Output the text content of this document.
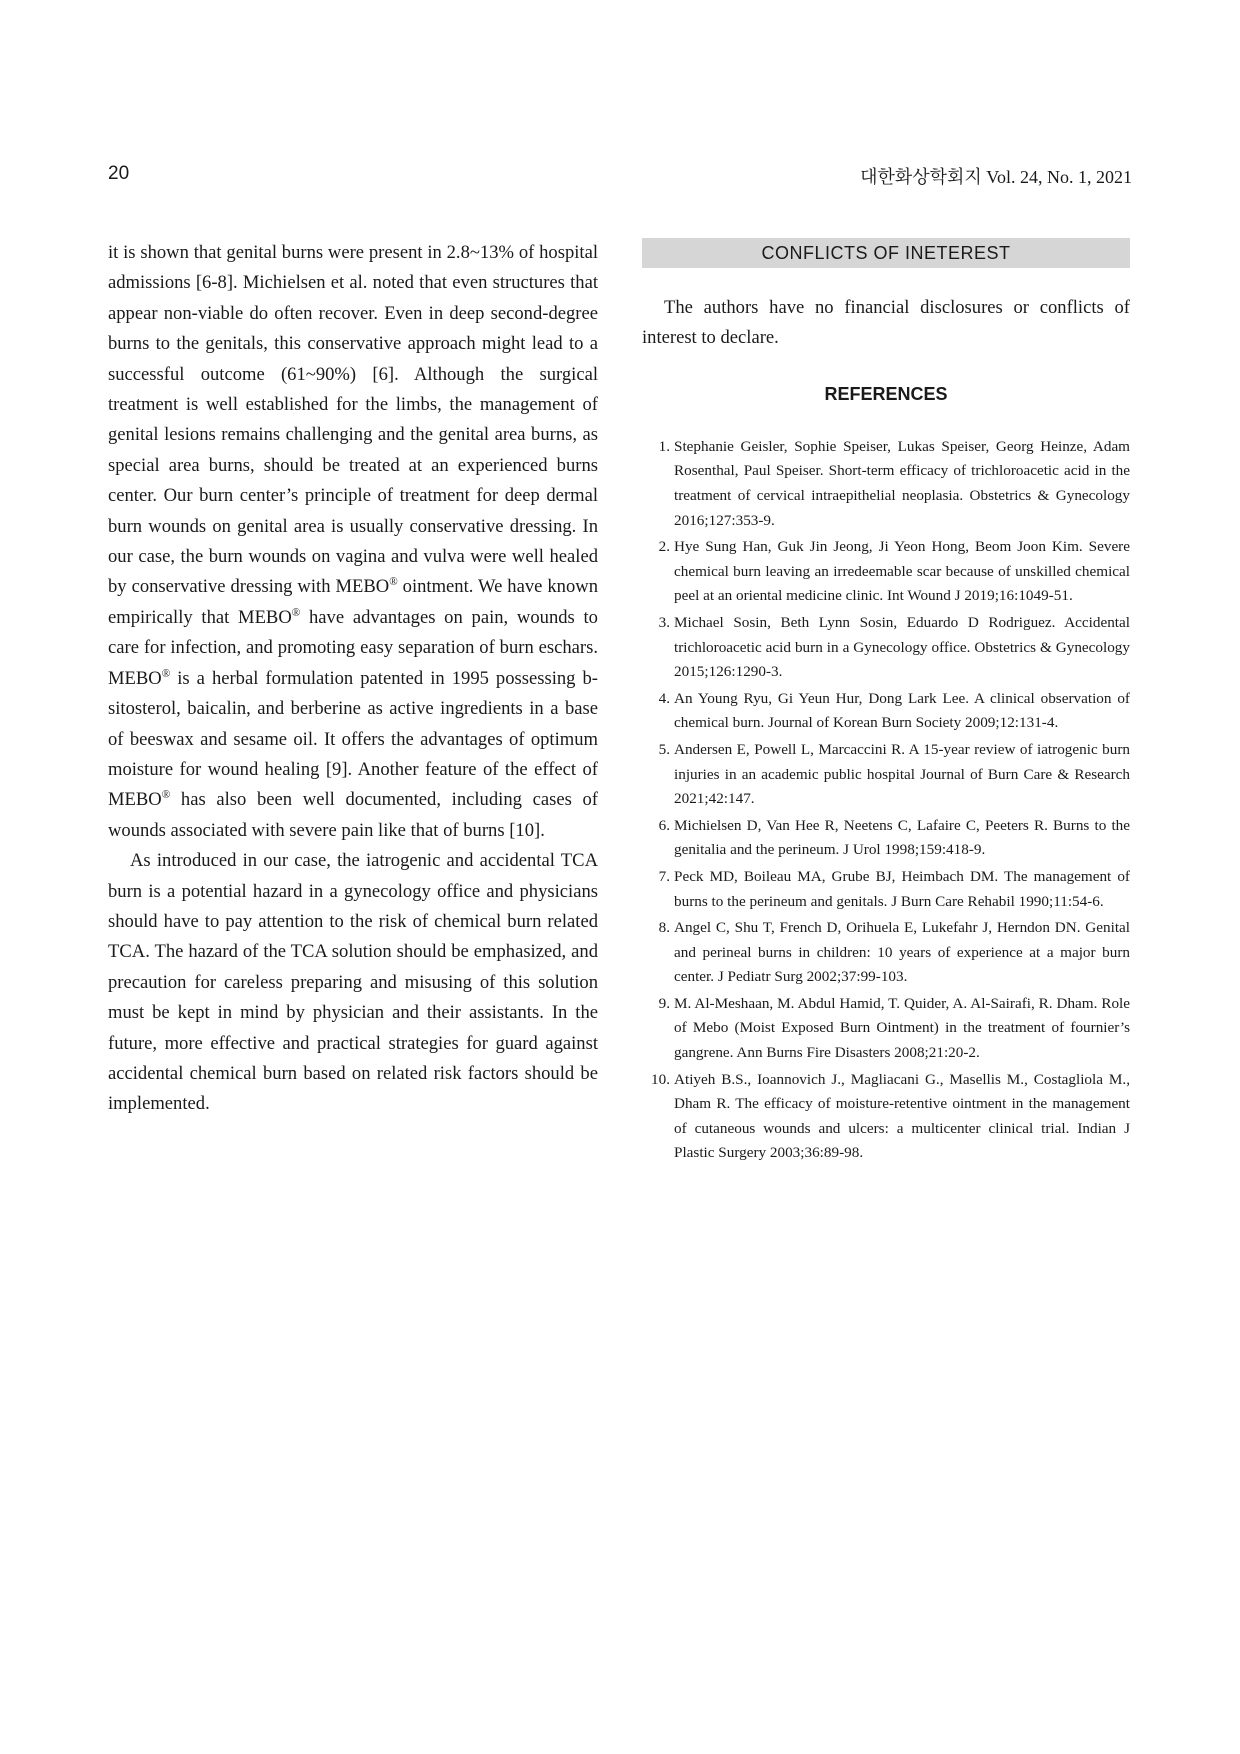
20	대한화상학회지 Vol. 24, No. 1, 2021

it is shown that genital burns were present in 2.8~13% of hospital admissions [6-8]. Michielsen et al. noted that even structures that appear non-viable do often recover. Even in deep second-degree burns to the genitals, this conservative approach might lead to a successful outcome (61~90%) [6]. Although the surgical treatment is well established for the limbs, the management of genital lesions remains challenging and the genital area burns, as special area burns, should be treated at an experienced burns center. Our burn center’s principle of treatment for deep dermal burn wounds on genital area is usually conservative dressing. In our case, the burn wounds on vagina and vulva were well healed by conservative dressing with MEBO® ointment. We have known empirically that MEBO® have advantages on pain, wounds to care for infection, and promoting easy separation of burn eschars. MEBO® is a herbal formulation patented in 1995 possessing b-sitosterol, baicalin, and berberine as active ingredients in a base of beeswax and sesame oil. It offers the advantages of optimum moisture for wound healing [9]. Another feature of the effect of MEBO® has also been well documented, including cases of wounds associated with severe pain like that of burns [10].

As introduced in our case, the iatrogenic and accidental TCA burn is a potential hazard in a gynecology office and physicians should have to pay attention to the risk of chemical burn related TCA. The hazard of the TCA solution should be emphasized, and precaution for careless preparing and misusing of this solution must be kept in mind by physician and their assistants. In the future, more effective and practical strategies for guard against accidental chemical burn based on related risk factors should be implemented.

CONFLICTS OF INETEREST
The authors have no financial disclosures or conflicts of interest to declare.
REFERENCES
1. Stephanie Geisler, Sophie Speiser, Lukas Speiser, Georg Heinze, Adam Rosenthal, Paul Speiser. Short-term efficacy of trichloroacetic acid in the treatment of cervical intraepithelial neoplasia. Obstetrics & Gynecology 2016;127:353-9.
2. Hye Sung Han, Guk Jin Jeong, Ji Yeon Hong, Beom Joon Kim. Severe chemical burn leaving an irredeemable scar because of unskilled chemical peel at an oriental medicine clinic. Int Wound J 2019;16:1049-51.
3. Michael Sosin, Beth Lynn Sosin, Eduardo D Rodriguez. Accidental trichloroacetic acid burn in a Gynecology office. Obstetrics & Gynecology 2015;126:1290-3.
4. An Young Ryu, Gi Yeun Hur, Dong Lark Lee. A clinical observation of chemical burn. Journal of Korean Burn Society 2009;12:131-4.
5. Andersen E, Powell L, Marcaccini R. A 15-year review of iatrogenic burn injuries in an academic public hospital Journal of Burn Care & Research 2021;42:147.
6. Michielsen D, Van Hee R, Neetens C, Lafaire C, Peeters R. Burns to the genitalia and the perineum. J Urol 1998;159:418-9.
7. Peck MD, Boileau MA, Grube BJ, Heimbach DM. The management of burns to the perineum and genitals. J Burn Care Rehabil 1990;11:54-6.
8. Angel C, Shu T, French D, Orihuela E, Lukefahr J, Herndon DN. Genital and perineal burns in children: 10 years of experience at a major burn center. J Pediatr Surg 2002;37:99-103.
9. M. Al-Meshaan, M. Abdul Hamid, T. Quider, A. Al-Sairafi, R. Dham. Role of Mebo (Moist Exposed Burn Ointment) in the treatment of fournier’s gangrene. Ann Burns Fire Disasters 2008;21:20-2.
10. Atiyeh B.S., Ioannovich J., Magliacani G., Masellis M., Costagliola M., Dham R. The efficacy of moisture-retentive ointment in the management of cutaneous wounds and ulcers: a multicenter clinical trial. Indian J Plastic Surgery 2003;36:89-98.
